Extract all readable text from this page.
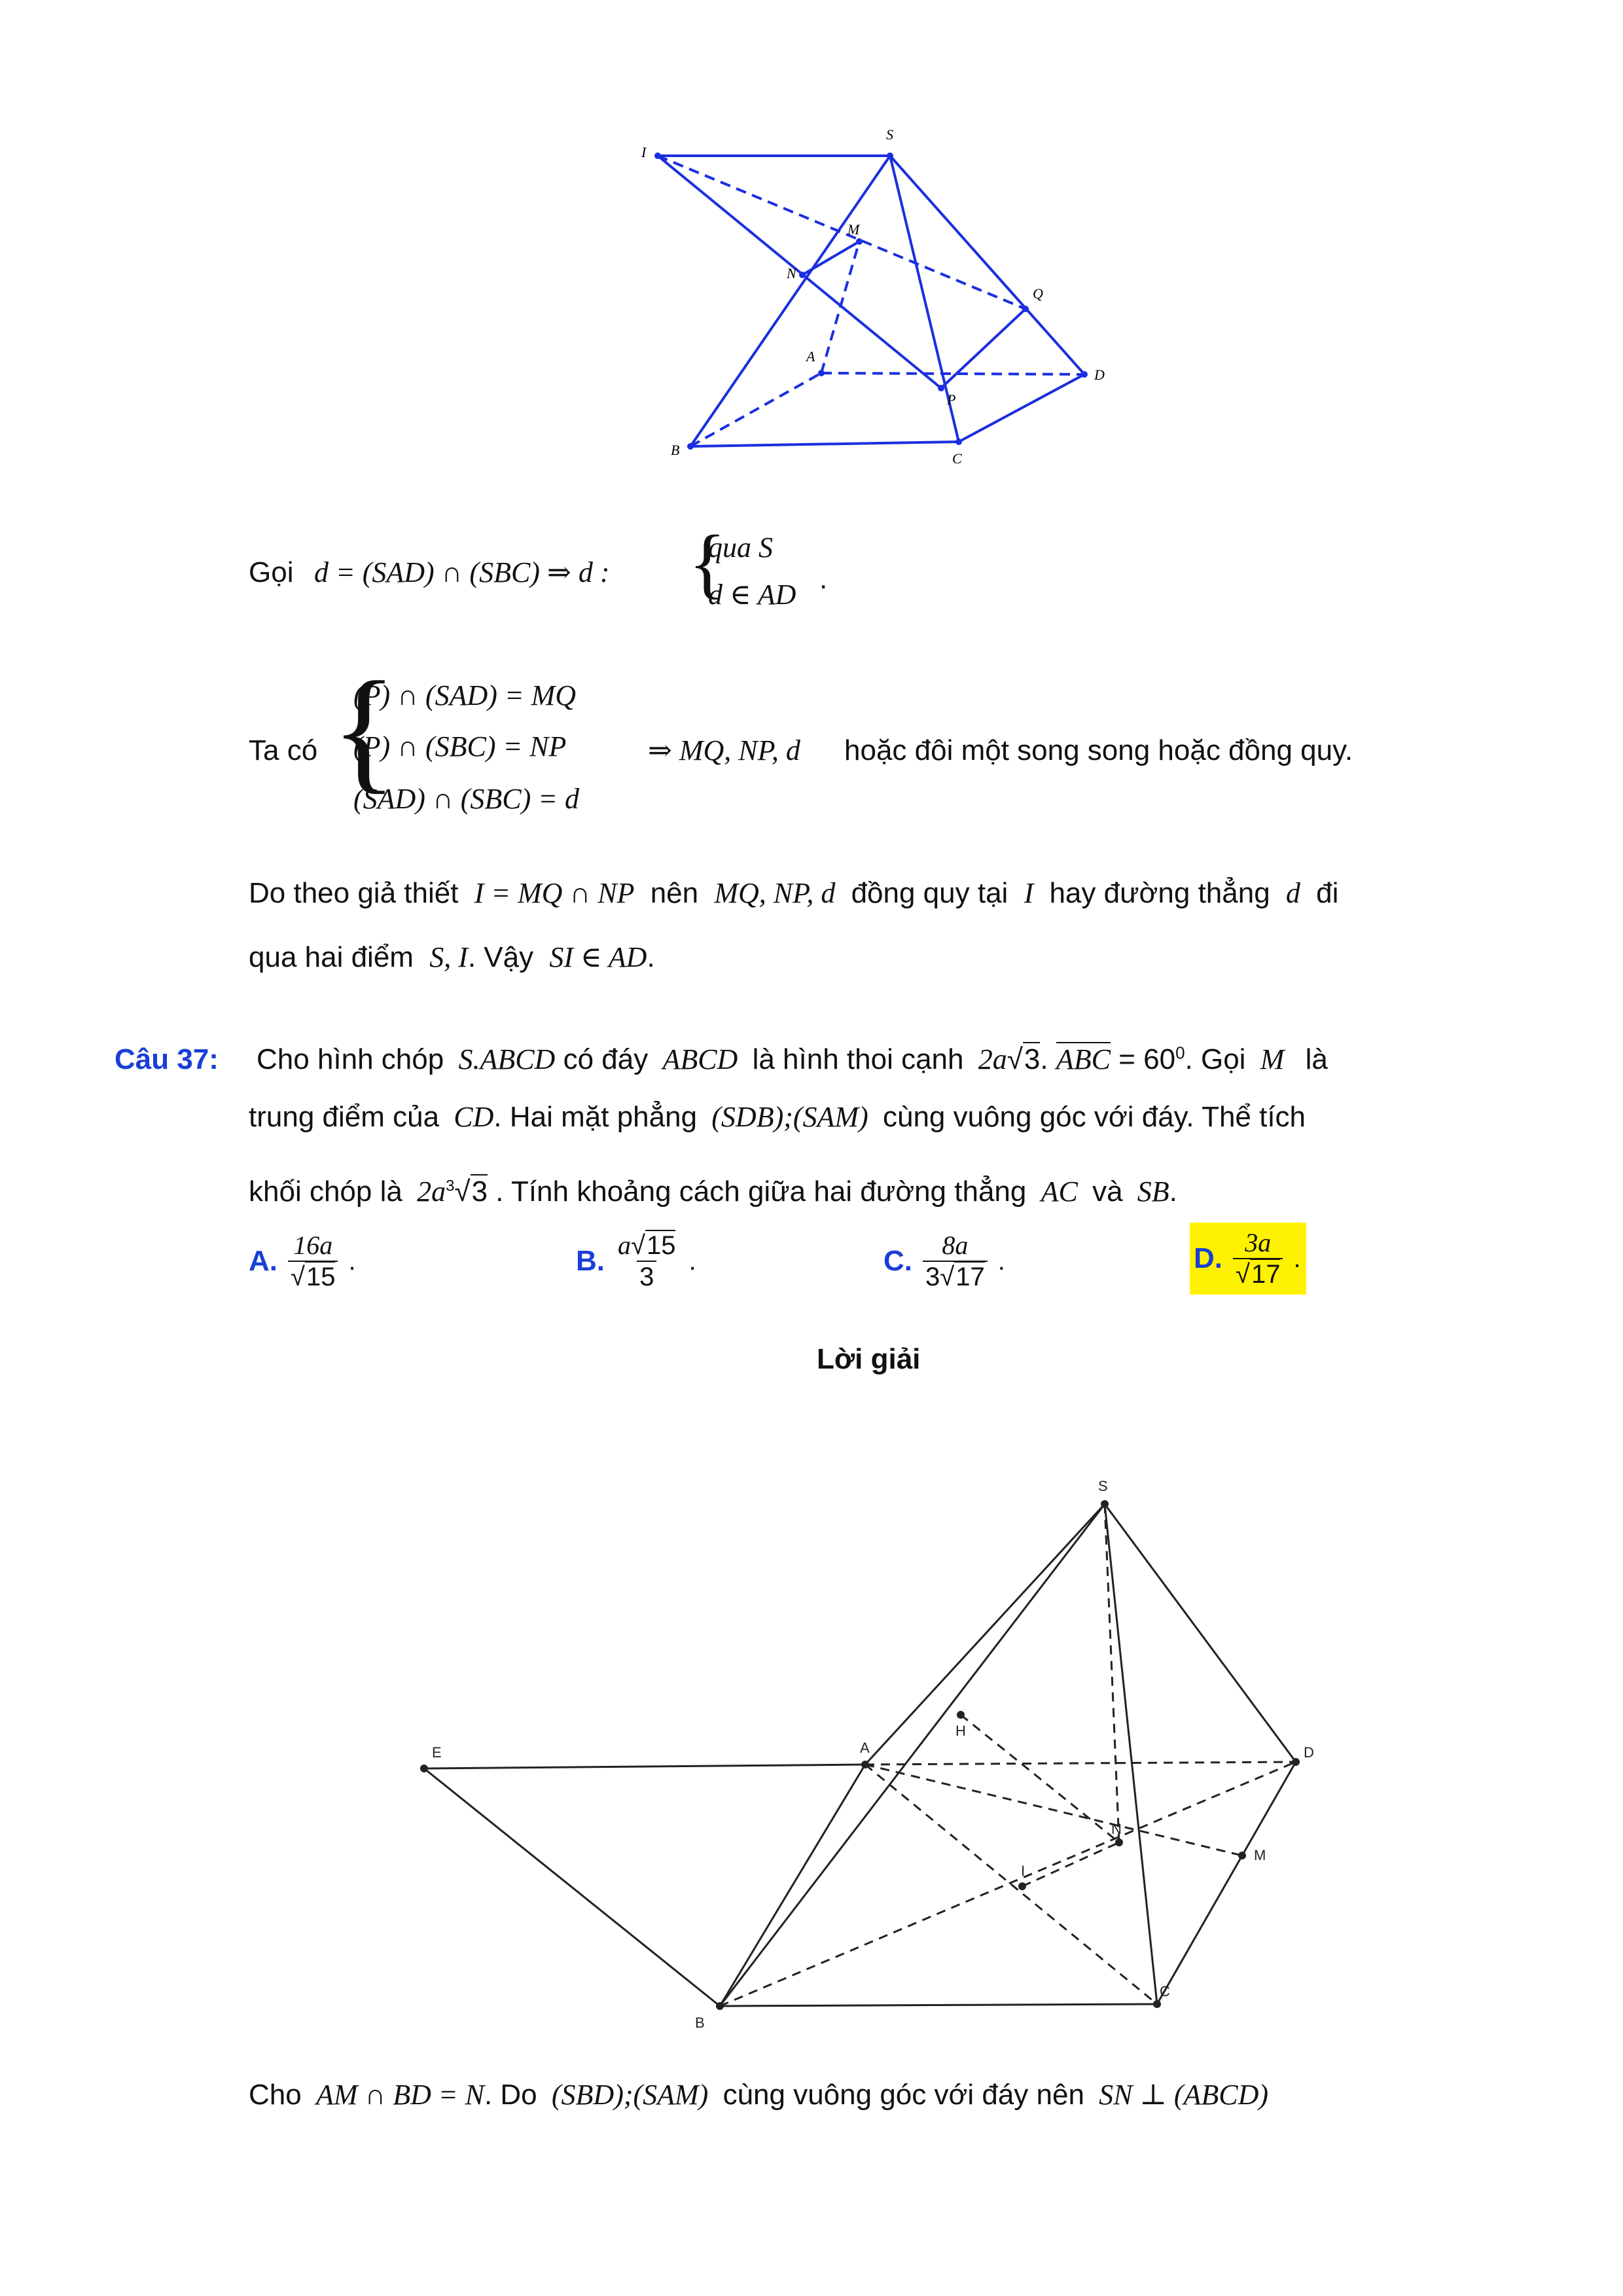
I
S
M
N
Q
A
D
P
B
C
Gọi d = (SAD) ∩ (SBC) ⇒ d : {
qua S
d ∈ AD .
Ta có {
(P) ∩ (SAD) = MQ
(P) ∩ (SBC) = NP
(SAD) ∩ (SBC) = d
⇒ MQ, NP, d hoặc đôi một song song hoặc đồng quy.
Do theo giả thiết I = MQ ∩ NP nên MQ, NP, d đồng quy tại I hay đường thẳng d đi
qua hai điểm S, I. Vậy SI ∈ AD.
Câu 37: Cho hình chóp S.ABCD có đáy ABCD là hình thoi cạnh 2a√3. ABC = $60^0$. Gọi M là
trung điểm của CD. Hai mặt phẳng (SDB);(SAM) cùng vuông góc với đáy. Thể tích
khối chóp là $2a^3√3$ . Tính khoảng cách giữa hai đường thẳng AC và SB.
A. $\frac{16a}{√15}$ .	B. $\frac{a√15}{3}$ .	C. $\frac{8a}{3√17}$ .	D. $\frac{3a}{√17}$ .
Lời giải
S
E	A
H
D
N
I
M
B
C
Cho AM ∩ BD = N. Do (SBD);(SAM) cùng vuông góc với đáy nên SN ⊥ (ABCD)
